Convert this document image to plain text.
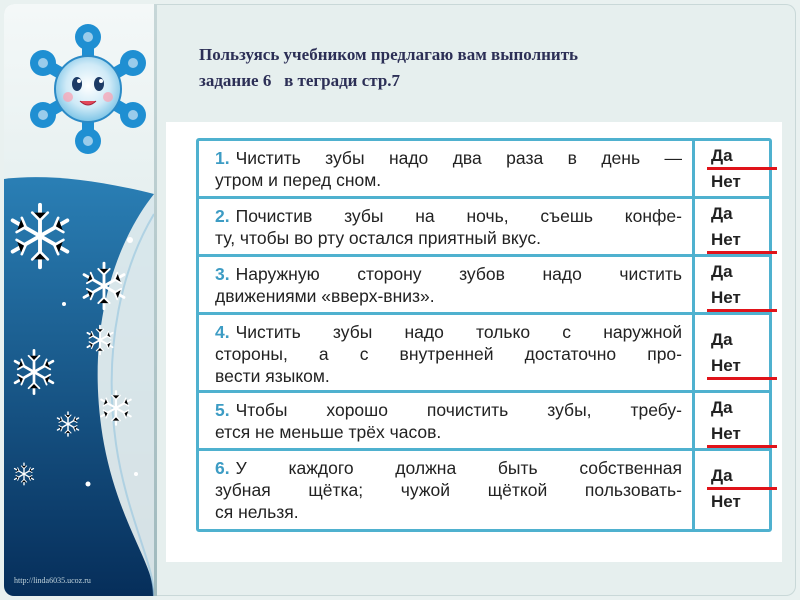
http://linda6035.ucoz.ru
Пользуясь учебником предлагаю вам выполнить
задание 6   в тегради стр.7
1. Чистить зубы надо два раза в день —
утром и перед сном.
Да
Нет
2. Почистив зубы на ночь, съешь конфе-
ту, чтобы во рту остался приятный вкус.
Да
Нет
3. Наружную сторону зубов надо чистить
движениями «вверх-вниз».
Да
Нет
4. Чистить зубы надо только с наружной
стороны, а с внутренней достаточно про-
вести языком.
Да
Нет
5. Чтобы хорошо почистить зубы, требу-
ется не меньше трёх часов.
Да
Нет
6. У каждого должна быть собственная
зубная щётка; чужой щёткой пользовать-
ся нельзя.
Да
Нет
